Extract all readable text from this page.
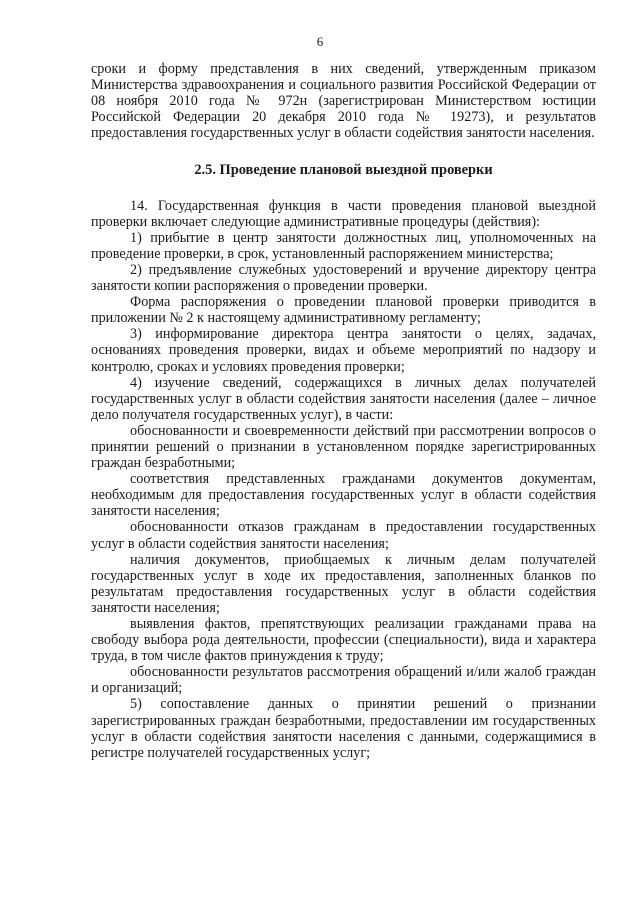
6

сроки и форму представления в них сведений, утвержденным приказом Министерства здравоохранения и социального развития Российской Федерации от 08 ноября 2010 года № 972н (зарегистрирован Министерством юстиции Российской Федерации 20 декабря 2010 года № 19273), и результатов предоставления государственных услуг в области содействия занятости населения.

2.5. Проведение плановой выездной проверки

14. Государственная функция в части проведения плановой выездной проверки включает следующие административные процедуры (действия):

1) прибытие в центр занятости должностных лиц, уполномоченных на проведение проверки, в срок, установленный распоряжением министерства;

2) предъявление служебных удостоверений и вручение директору центра занятости копии распоряжения о проведении проверки.

Форма распоряжения о проведении плановой проверки приводится в приложении № 2 к настоящему административному регламенту;

3) информирование директора центра занятости о целях, задачах, основаниях проведения проверки, видах и объеме мероприятий по надзору и контролю, сроках и условиях проведения проверки;

4) изучение сведений, содержащихся в личных делах получателей государственных услуг в области содействия занятости населения (далее – личное дело получателя государственных услуг), в части:

обоснованности и своевременности действий при рассмотрении вопросов о принятии решений о признании в установленном порядке зарегистрированных граждан безработными;

соответствия представленных гражданами документов документам, необходимым для предоставления государственных услуг в области содействия занятости населения;

обоснованности отказов гражданам в предоставлении государственных услуг в области содействия занятости населения;

наличия документов, приобщаемых к личным делам получателей государственных услуг в ходе их предоставления, заполненных бланков по результатам предоставления государственных услуг в области содействия занятости населения;

выявления фактов, препятствующих реализации гражданами права на свободу выбора рода деятельности, профессии (специальности), вида и характера труда, в том числе фактов принуждения к труду;

обоснованности результатов рассмотрения обращений и/или жалоб граждан и организаций;

5) сопоставление данных о принятии решений о признании зарегистрированных граждан безработными, предоставлении им государственных услуг в области содействия занятости населения с данными, содержащимися в регистре получателей государственных услуг;
